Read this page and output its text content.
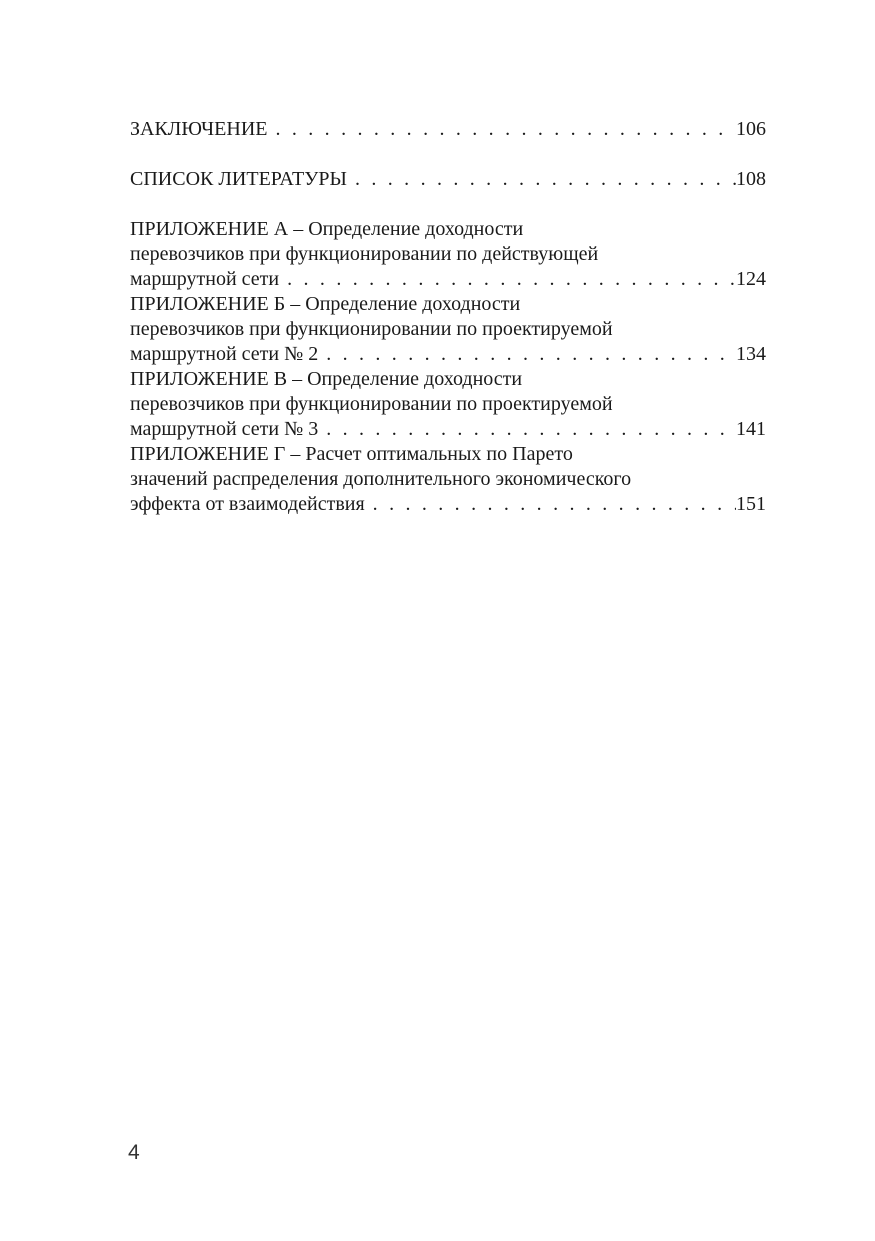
ЗАКЛЮЧЕНИЕ . . .	106
СПИСОК ЛИТЕРАТУРЫ . . .	108
ПРИЛОЖЕНИЕ А – Определение доходности
перевозчиков при функционировании по действующей
маршрутной сети . . .	124
ПРИЛОЖЕНИЕ Б – Определение доходности
перевозчиков при функционировании по проектируемой
маршрутной сети № 2 . . .	134
ПРИЛОЖЕНИЕ В – Определение доходности
перевозчиков при функционировании по проектируемой
маршрутной сети № 3 . . .	141
ПРИЛОЖЕНИЕ Г – Расчет оптимальных по Парето
значений распределения дополнительного экономического
эффекта от взаимодействия . . .	151
4
